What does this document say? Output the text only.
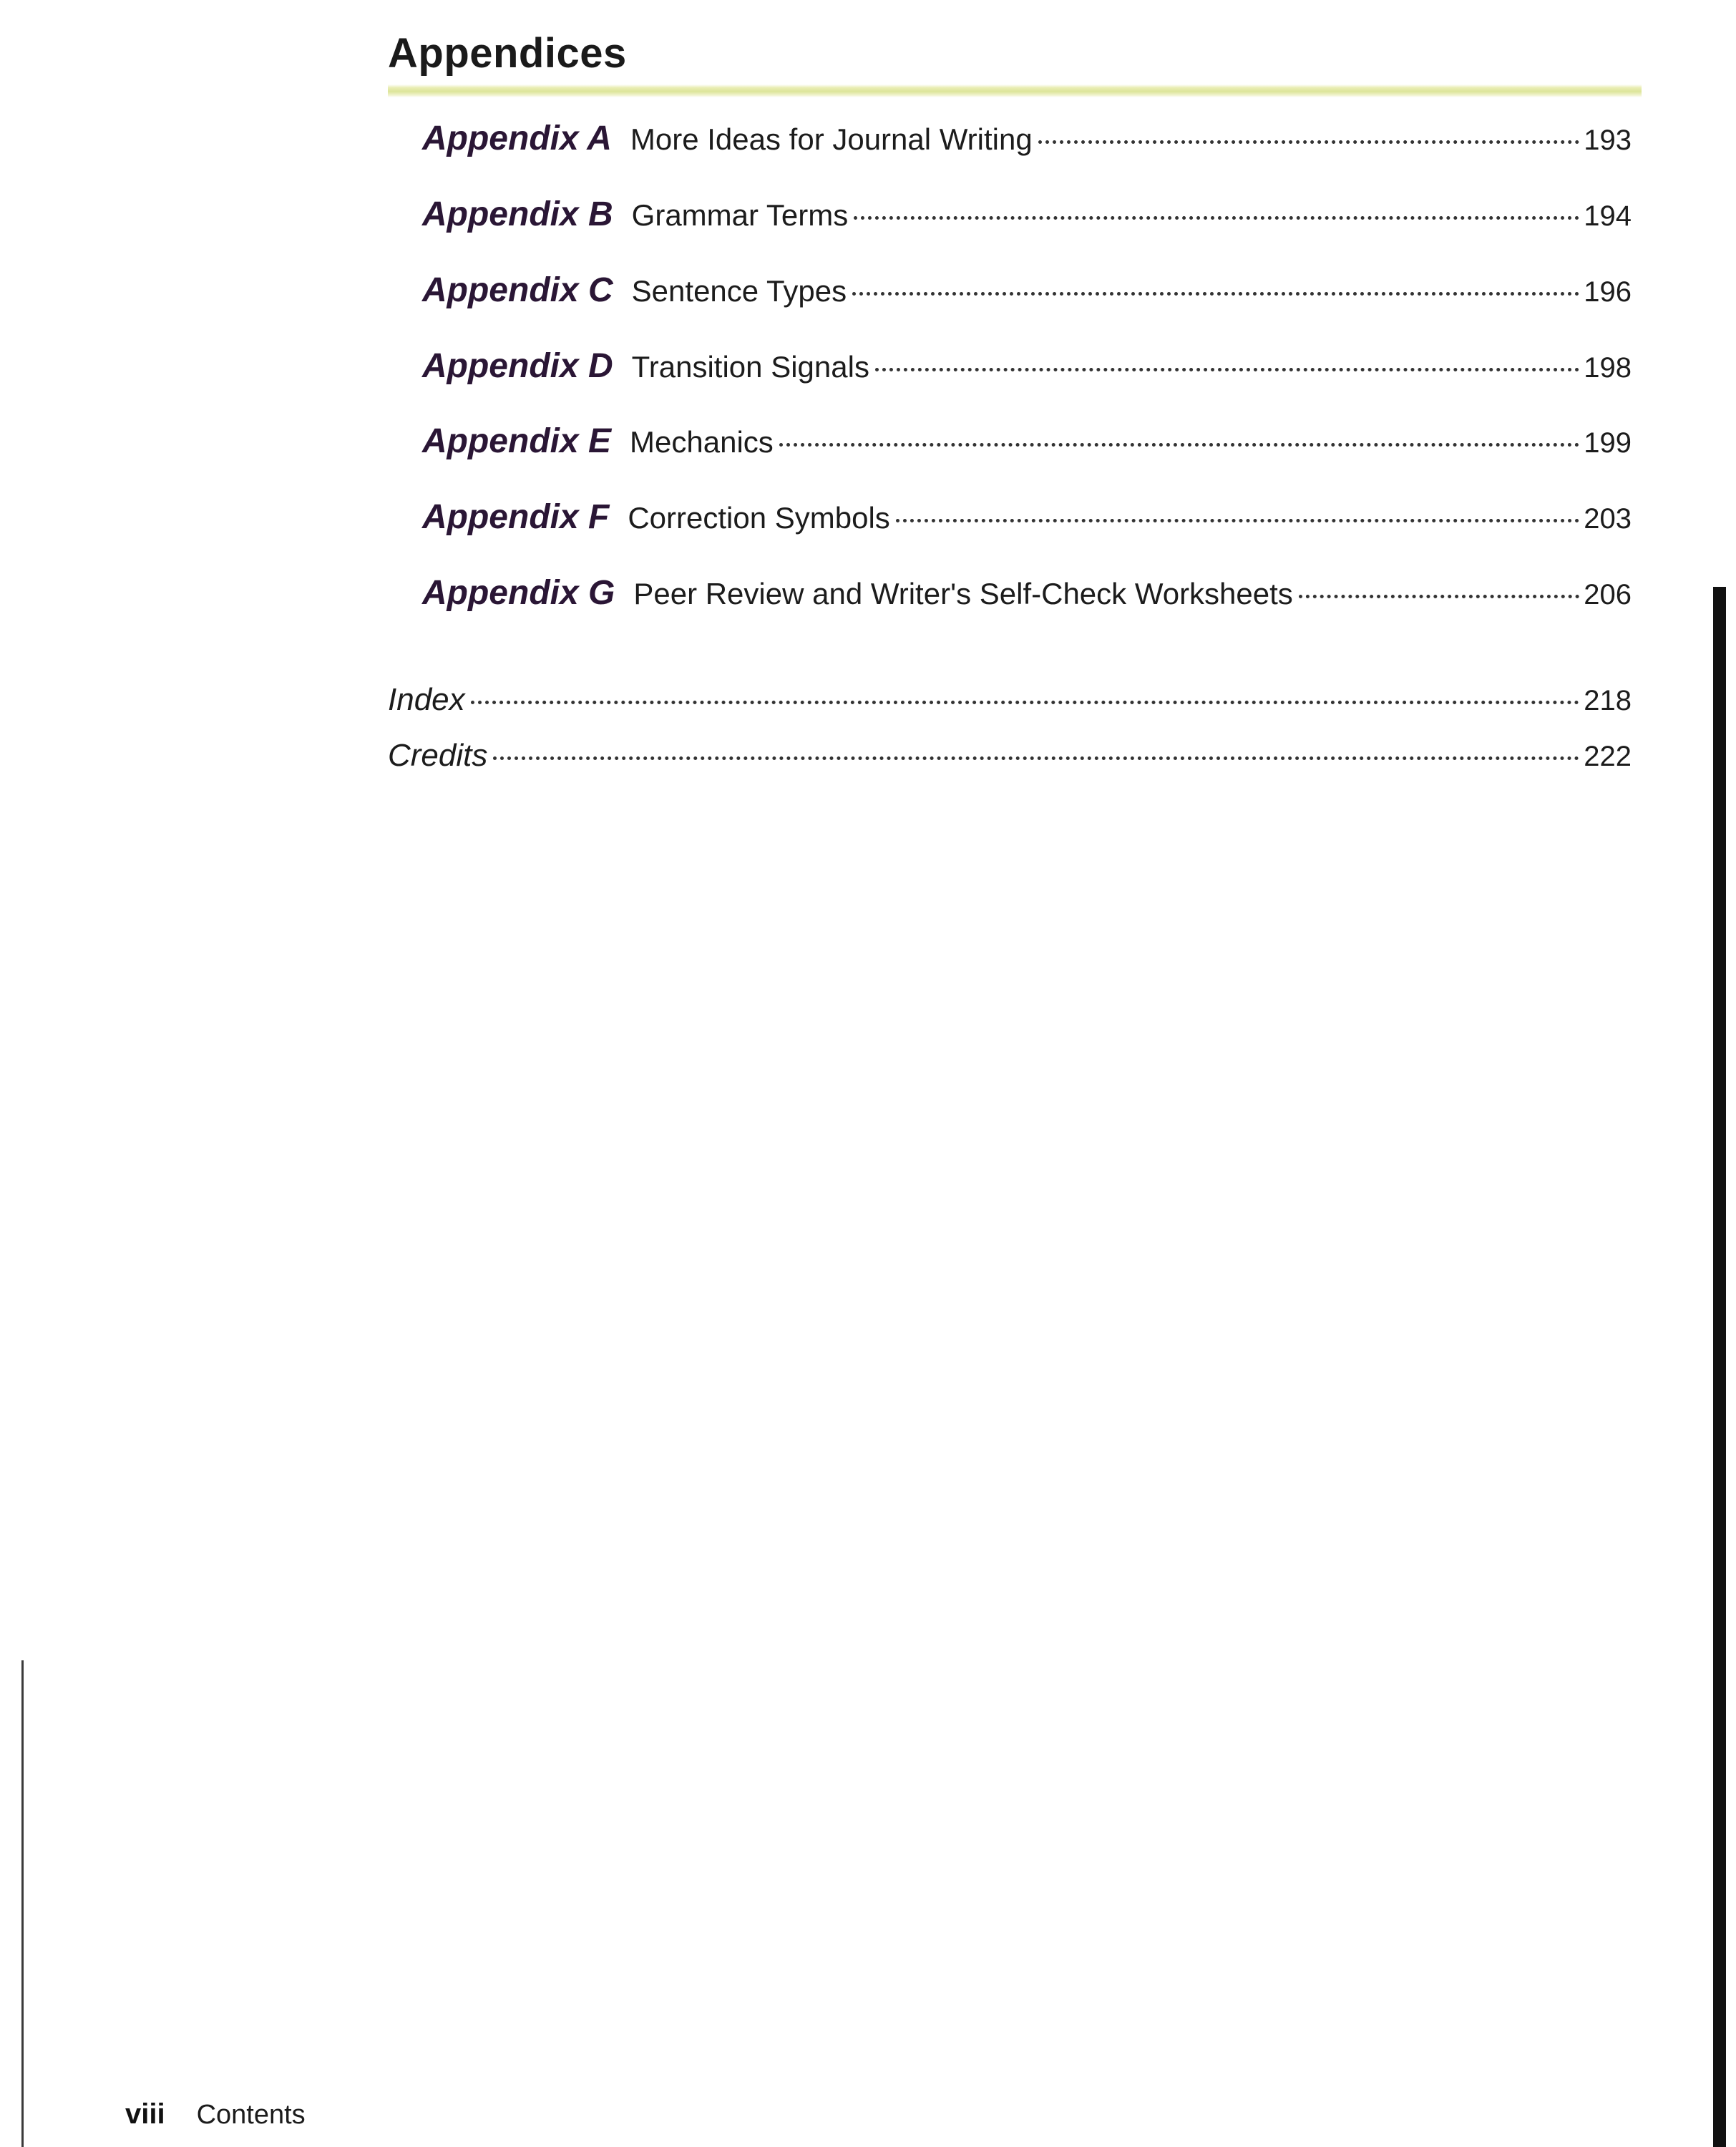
Appendices
Appendix A More Ideas for Journal Writing	193
Appendix B Grammar Terms	194
Appendix C Sentence Types	196
Appendix D Transition Signals	198
Appendix E Mechanics	199
Appendix F Correction Symbols	203
Appendix G Peer Review and Writer's Self-Check Worksheets	206
Index	218
Credits	222
viii Contents
